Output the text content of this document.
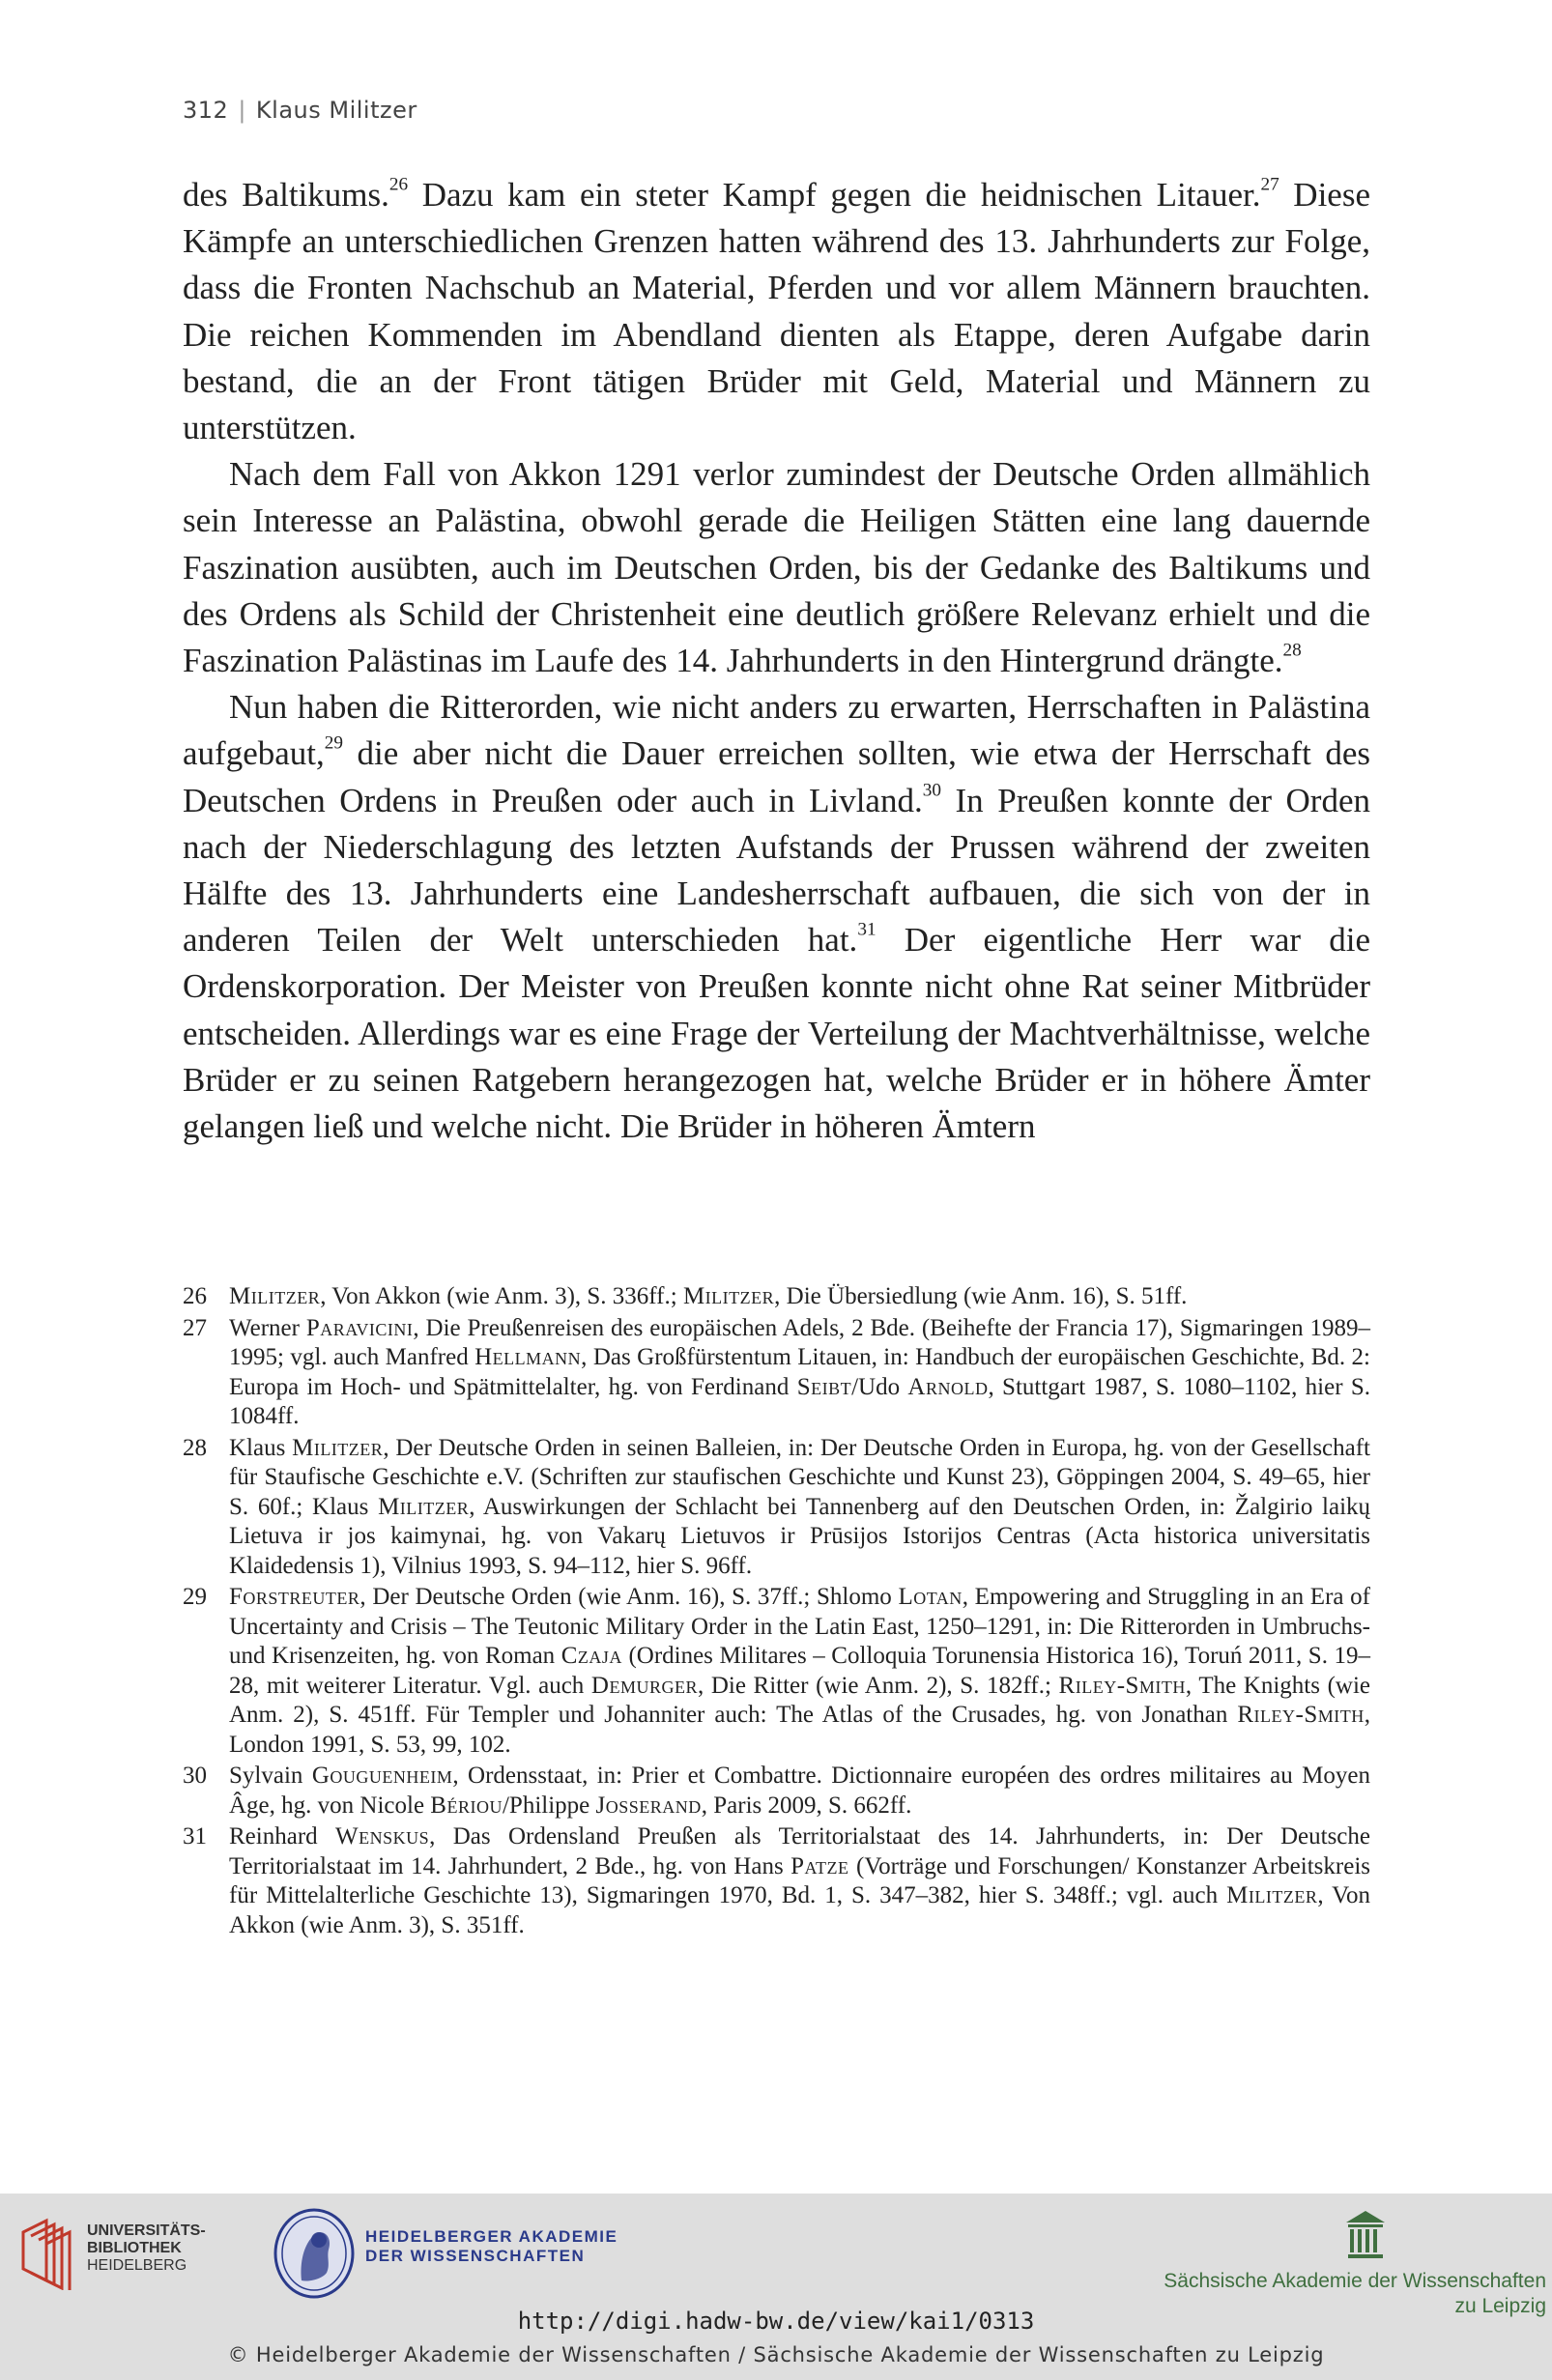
312 | Klaus Militzer

des Baltikums.$^{26}$ Dazu kam ein steter Kampf gegen die heidnischen Litauer.$^{27}$ Diese Kämpfe an unterschiedlichen Grenzen hatten während des 13. Jahrhunderts zur Folge, dass die Fronten Nachschub an Material, Pferden und vor allem Männern brauchten. Die reichen Kommenden im Abendland dienten als Etappe, deren Aufgabe darin bestand, die an der Front tätigen Brüder mit Geld, Material und Männern zu unterstützen.

Nach dem Fall von Akkon 1291 verlor zumindest der Deutsche Orden allmählich sein Interesse an Palästina, obwohl gerade die Heiligen Stätten eine lang dauernde Faszination ausübten, auch im Deutschen Orden, bis der Gedanke des Baltikums und des Ordens als Schild der Christenheit eine deutlich größere Relevanz erhielt und die Faszination Palästinas im Laufe des 14. Jahrhunderts in den Hintergrund drängte.$^{28}$

Nun haben die Ritterorden, wie nicht anders zu erwarten, Herrschaften in Palästina aufgebaut,$^{29}$ die aber nicht die Dauer erreichen sollten, wie etwa der Herrschaft des Deutschen Ordens in Preußen oder auch in Livland.$^{30}$ In Preußen konnte der Orden nach der Niederschlagung des letzten Aufstands der Prussen während der zweiten Hälfte des 13. Jahrhunderts eine Landesherrschaft aufbauen, die sich von der in anderen Teilen der Welt unterschieden hat.$^{31}$ Der eigentliche Herr war die Ordenskorporation. Der Meister von Preußen konnte nicht ohne Rat seiner Mitbrüder entscheiden. Allerdings war es eine Frage der Verteilung der Machtverhältnisse, welche Brüder er zu seinen Ratgebern herangezogen hat, welche Brüder er in höhere Ämter gelangen ließ und welche nicht. Die Brüder in höheren Ämtern

26 Militzer, Von Akkon (wie Anm. 3), S. 336ff.; Militzer, Die Übersiedlung (wie Anm. 16), S. 51ff.
27 Werner Paravicini, Die Preußenreisen des europäischen Adels, 2 Bde. (Beihefte der Francia 17), Sigmaringen 1989–1995; vgl. auch Manfred Hellmann, Das Großfürstentum Litauen, in: Handbuch der europäischen Geschichte, Bd. 2: Europa im Hoch- und Spätmittelalter, hg. von Ferdinand Seibt/Udo Arnold, Stuttgart 1987, S. 1080–1102, hier S. 1084ff.
28 Klaus Militzer, Der Deutsche Orden in seinen Balleien, in: Der Deutsche Orden in Europa, hg. von der Gesellschaft für Staufische Geschichte e.V. (Schriften zur staufischen Geschichte und Kunst 23), Göppingen 2004, S. 49–65, hier S. 60f.; Klaus Militzer, Auswirkungen der Schlacht bei Tannenberg auf den Deutschen Orden, in: Žalgirio laikų Lietuva ir jos kaimynai, hg. von Vakarų Lietuvos ir Prūsijos Istorijos Centras (Acta historica universitatis Klaidedensis 1), Vilnius 1993, S. 94–112, hier S. 96ff.
29 Forstreuter, Der Deutsche Orden (wie Anm. 16), S. 37ff.; Shlomo Lotan, Empowering and Struggling in an Era of Uncertainty and Crisis – The Teutonic Military Order in the Latin East, 1250–1291, in: Die Ritterorden in Umbruchs- und Krisenzeiten, hg. von Roman Czaja (Ordines Militares – Colloquia Torunensia Historica 16), Toruń 2011, S. 19–28, mit weiterer Literatur. Vgl. auch Demurger, Die Ritter (wie Anm. 2), S. 182ff.; Riley-Smith, The Knights (wie Anm. 2), S. 451ff. Für Templer und Johanniter auch: The Atlas of the Crusades, hg. von Jonathan Riley-Smith, London 1991, S. 53, 99, 102.
30 Sylvain Gouguenheim, Ordensstaat, in: Prier et Combattre. Dictionnaire européen des ordres militaires au Moyen Âge, hg. von Nicole Bériou/Philippe Josserand, Paris 2009, S. 662ff.
31 Reinhard Wenskus, Das Ordensland Preußen als Territorialstaat des 14. Jahrhunderts, in: Der Deutsche Territorialstaat im 14. Jahrhundert, 2 Bde., hg. von Hans Patze (Vorträge und Forschungen/ Konstanzer Arbeitskreis für Mittelalterliche Geschichte 13), Sigmaringen 1970, Bd. 1, S. 347–382, hier S. 348ff.; vgl. auch Militzer, Von Akkon (wie Anm. 3), S. 351ff.
UNIVERSITÄTS-
BIBLIOTHEK
HEIDELBERG
HEIDELBERGER AKADEMIE
DER WISSENSCHAFTEN
Sächsische Akademie der Wissenschaften
zu Leipzig
http://digi.hadw-bw.de/view/kai1/0313
© Heidelberger Akademie der Wissenschaften / Sächsische Akademie der Wissenschaften zu Leipzig
